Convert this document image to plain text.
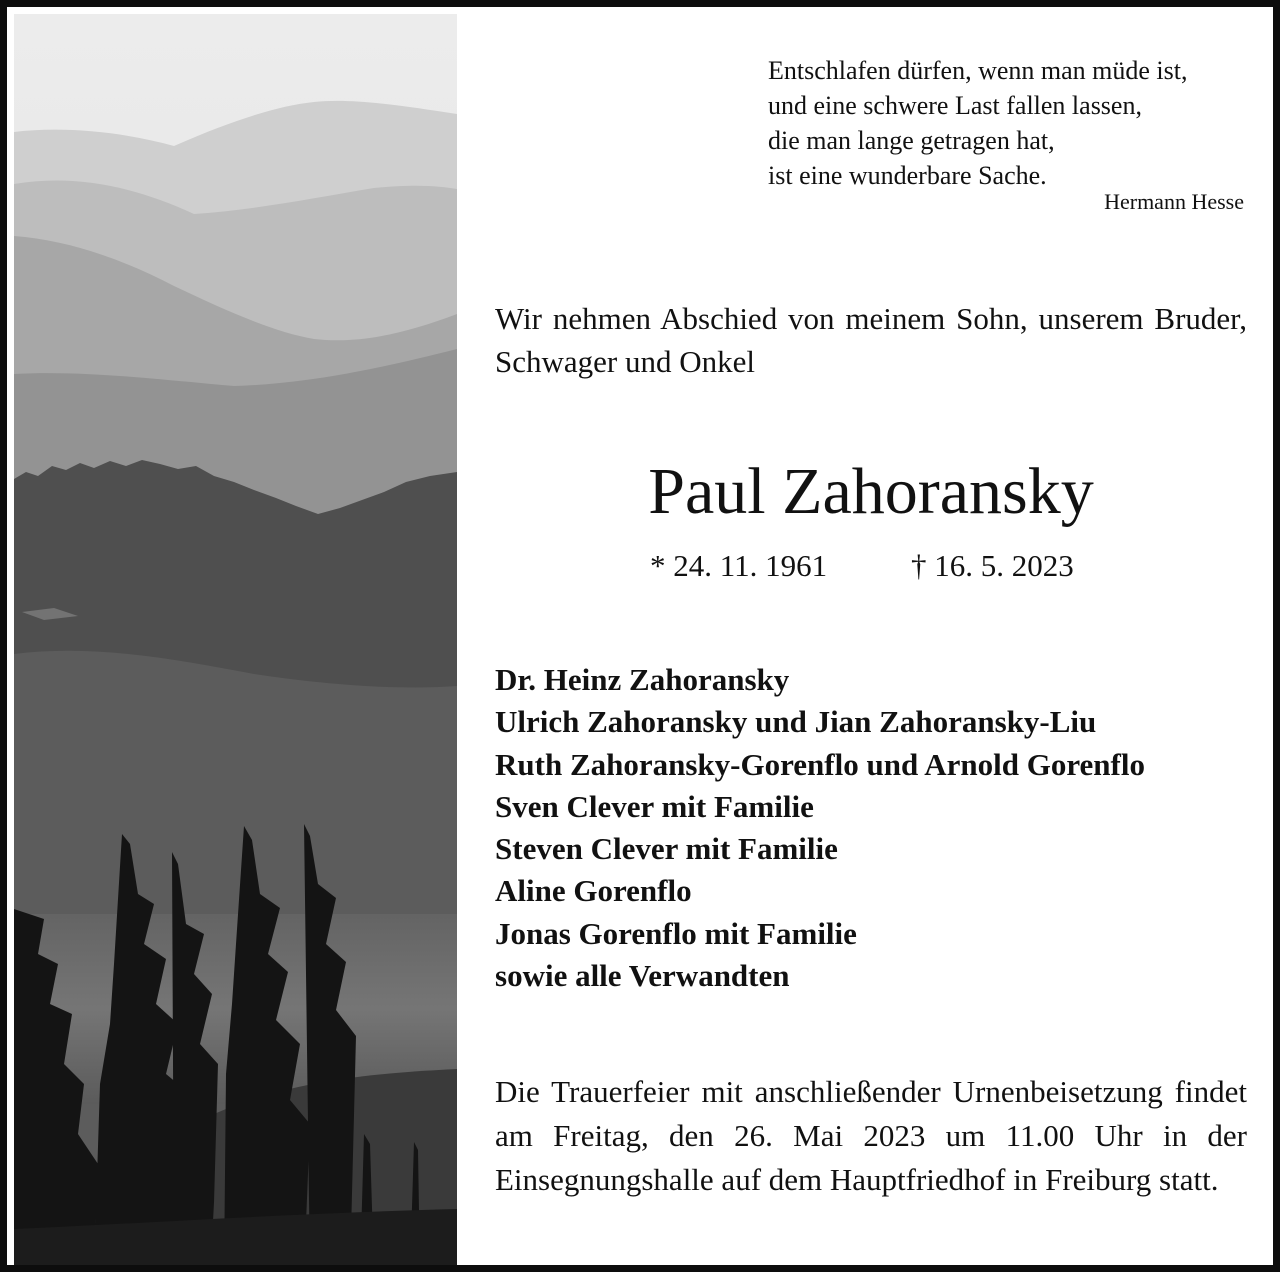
Entschlafen dürfen, wenn man müde ist,
und eine schwere Last fallen lassen,
die man lange getragen hat,
ist eine wunderbare Sache.
Hermann Hesse

Wir nehmen Abschied von meinem Sohn, unserem Bruder, Schwager und Onkel

Paul Zahoransky
* 24. 11. 1961	† 16. 5. 2023
Dr. Heinz Zahoransky
Ulrich Zahoransky und Jian Zahoransky-Liu
Ruth Zahoransky-Gorenflo und Arnold Gorenflo
Sven Clever mit Familie
Steven Clever mit Familie
Aline Gorenflo
Jonas Gorenflo mit Familie
sowie alle Verwandten

Die Trauerfeier mit anschließender Urnenbeisetzung findet am Freitag, den 26. Mai 2023 um 11.00 Uhr in der Einsegnungshalle auf dem Hauptfriedhof in Freiburg statt.
